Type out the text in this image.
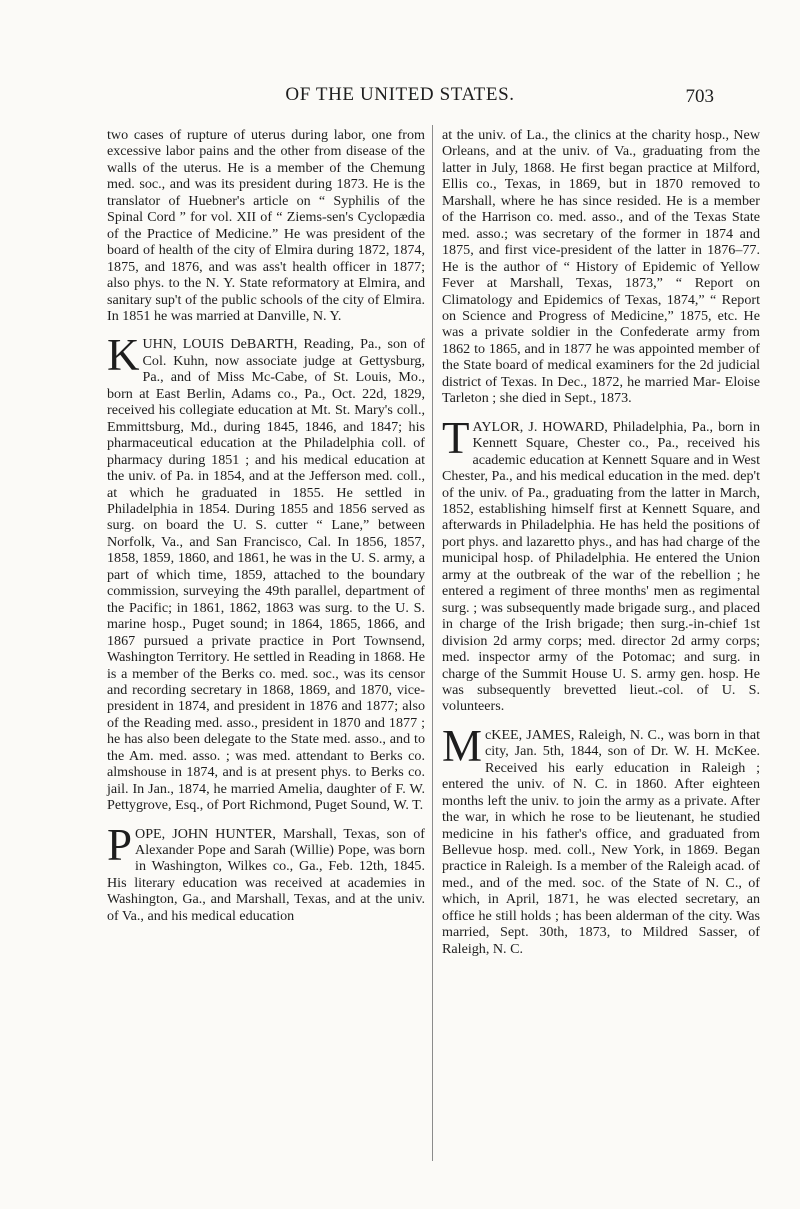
OF THE UNITED STATES.	703

two cases of rupture of uterus during labor, one from excessive labor pains and the other from disease of the walls of the uterus. He is a member of the Chemung med. soc., and was its president during 1873. He is the translator of Huebner's article on “ Syphilis of the Spinal Cord ” for vol. XII of “ Ziems-sen's Cyclopædia of the Practice of Medicine.” He was president of the board of health of the city of Elmira during 1872, 1874, 1875, and 1876, and was ass't health officer in 1877; also phys. to the N. Y. State reformatory at Elmira, and sanitary sup't of the public schools of the city of Elmira. In 1851 he was married at Danville, N. Y.

K UHN, LOUIS DeBARTH, Reading, Pa., son of Col. Kuhn, now associate judge at Gettysburg, Pa., and of Miss Mc-Cabe, of St. Louis, Mo., born at East Berlin, Adams co., Pa., Oct. 22d, 1829, received his collegiate education at Mt. St. Mary's coll., Emmittsburg, Md., during 1845, 1846, and 1847; his pharmaceutical education at the Philadelphia coll. of pharmacy during 1851 ; and his medical education at the univ. of Pa. in 1854, and at the Jefferson med. coll., at which he graduated in 1855. He settled in Philadelphia in 1854. During 1855 and 1856 served as surg. on board the U. S. cutter “ Lane,” between Norfolk, Va., and San Francisco, Cal. In 1856, 1857, 1858, 1859, 1860, and 1861, he was in the U. S. army, a part of which time, 1859, attached to the boundary commission, surveying the 49th parallel, department of the Pacific; in 1861, 1862, 1863 was surg. to the U. S. marine hosp., Puget sound; in 1864, 1865, 1866, and 1867 pursued a private practice in Port Townsend, Washington Territory. He settled in Reading in 1868. He is a member of the Berks co. med. soc., was its censor and recording secretary in 1868, 1869, and 1870, vice-president in 1874, and president in 1876 and 1877; also of the Reading med. asso., president in 1870 and 1877 ; he has also been delegate to the State med. asso., and to the Am. med. asso. ; was med. attendant to Berks co. almshouse in 1874, and is at present phys. to Berks co. jail. In Jan., 1874, he married Amelia, daughter of F. W. Pettygrove, Esq., of Port Richmond, Puget Sound, W. T.

P OPE, JOHN HUNTER, Marshall, Texas, son of Alexander Pope and Sarah (Willie) Pope, was born in Washington, Wilkes co., Ga., Feb. 12th, 1845. His literary education was received at academies in Washington, Ga., and Marshall, Texas, and at the univ. of Va., and his medical education

at the univ. of La., the clinics at the charity hosp., New Orleans, and at the univ. of Va., graduating from the latter in July, 1868. He first began practice at Milford, Ellis co., Texas, in 1869, but in 1870 removed to Marshall, where he has since resided. He is a member of the Harrison co. med. asso., and of the Texas State med. asso.; was secretary of the former in 1874 and 1875, and first vice-president of the latter in 1876–77. He is the author of “ History of Epidemic of Yellow Fever at Marshall, Texas, 1873,” “ Report on Climatology and Epidemics of Texas, 1874,” “ Report on Science and Progress of Medicine,” 1875, etc. He was a private soldier in the Confederate army from 1862 to 1865, and in 1877 he was appointed member of the State board of medical examiners for the 2d judicial district of Texas. In Dec., 1872, he married Mar- Eloise Tarleton ; she died in Sept., 1873.

T AYLOR, J. HOWARD, Philadelphia, Pa., born in Kennett Square, Chester co., Pa., received his academic education at Kennett Square and in West Chester, Pa., and his medical education in the med. dep't of the univ. of Pa., graduating from the latter in March, 1852, establishing himself first at Kennett Square, and afterwards in Philadelphia. He has held the positions of port phys. and lazaretto phys., and has had charge of the municipal hosp. of Philadelphia. He entered the Union army at the outbreak of the war of the rebellion ; he entered a regiment of three months' men as regimental surg. ; was subsequently made brigade surg., and placed in charge of the Irish brigade; then surg.-in-chief 1st division 2d army corps; med. director 2d army corps; med. inspector army of the Potomac; and surg. in charge of the Summit House U. S. army gen. hosp. He was subsequently brevetted lieut.-col. of U. S. volunteers.

M cKEE, JAMES, Raleigh, N. C., was born in that city, Jan. 5th, 1844, son of Dr. W. H. McKee. Received his early education in Raleigh ; entered the univ. of N. C. in 1860. After eighteen months left the univ. to join the army as a private. After the war, in which he rose to be lieutenant, he studied medicine in his father's office, and graduated from Bellevue hosp. med. coll., New York, in 1869. Began practice in Raleigh. Is a member of the Raleigh acad. of med., and of the med. soc. of the State of N. C., of which, in April, 1871, he was elected secretary, an office he still holds ; has been alderman of the city. Was married, Sept. 30th, 1873, to Mildred Sasser, of Raleigh, N. C.
